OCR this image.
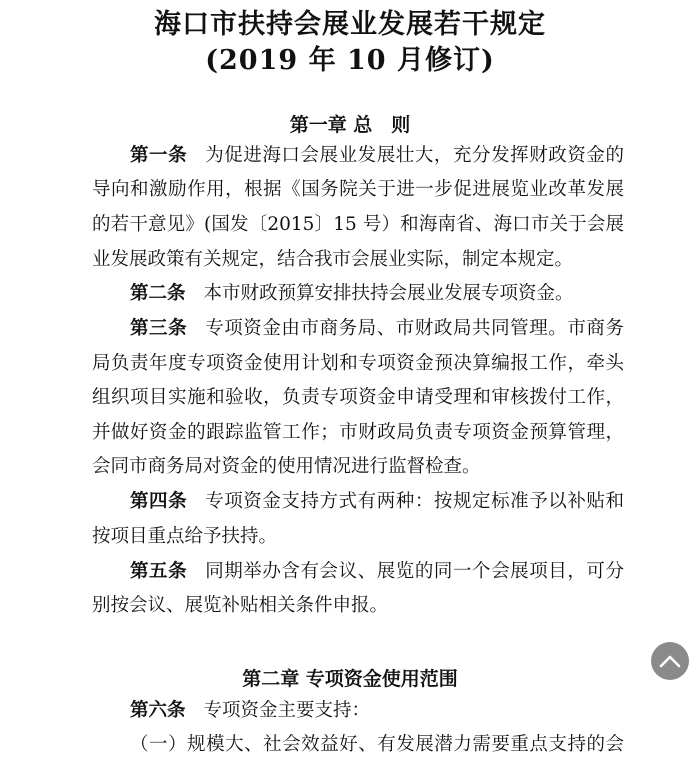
海口市扶持会展业发展若干规定
(2019 年 10 月修订)
第一章 总　则
第一条 为促进海口会展业发展壮大，充分发挥财政资金的
导向和激励作用，根据《国务院关于进一步促进展览业改革发展
的若干意见》(国发〔2015〕15 号）和海南省、海口市关于会展
业发展政策有关规定，结合我市会展业实际，制定本规定。
第二条 本市财政预算安排扶持会展业发展专项资金。
第三条 专项资金由市商务局、市财政局共同管理。市商务
局负责年度专项资金使用计划和专项资金预决算编报工作，牵头
组织项目实施和验收，负责专项资金申请受理和审核拨付工作，
并做好资金的跟踪监管工作；市财政局负责专项资金预算管理，
会同市商务局对资金的使用情况进行监督检查。
第四条 专项资金支持方式有两种：按规定标准予以补贴和
按项目重点给予扶持。
第五条 同期举办含有会议、展览的同一个会展项目，可分
别按会议、展览补贴相关条件申报。
第二章 专项资金使用范围
第六条 专项资金主要支持：
（一）规模大、社会效益好、有发展潜力需要重点支持的会
